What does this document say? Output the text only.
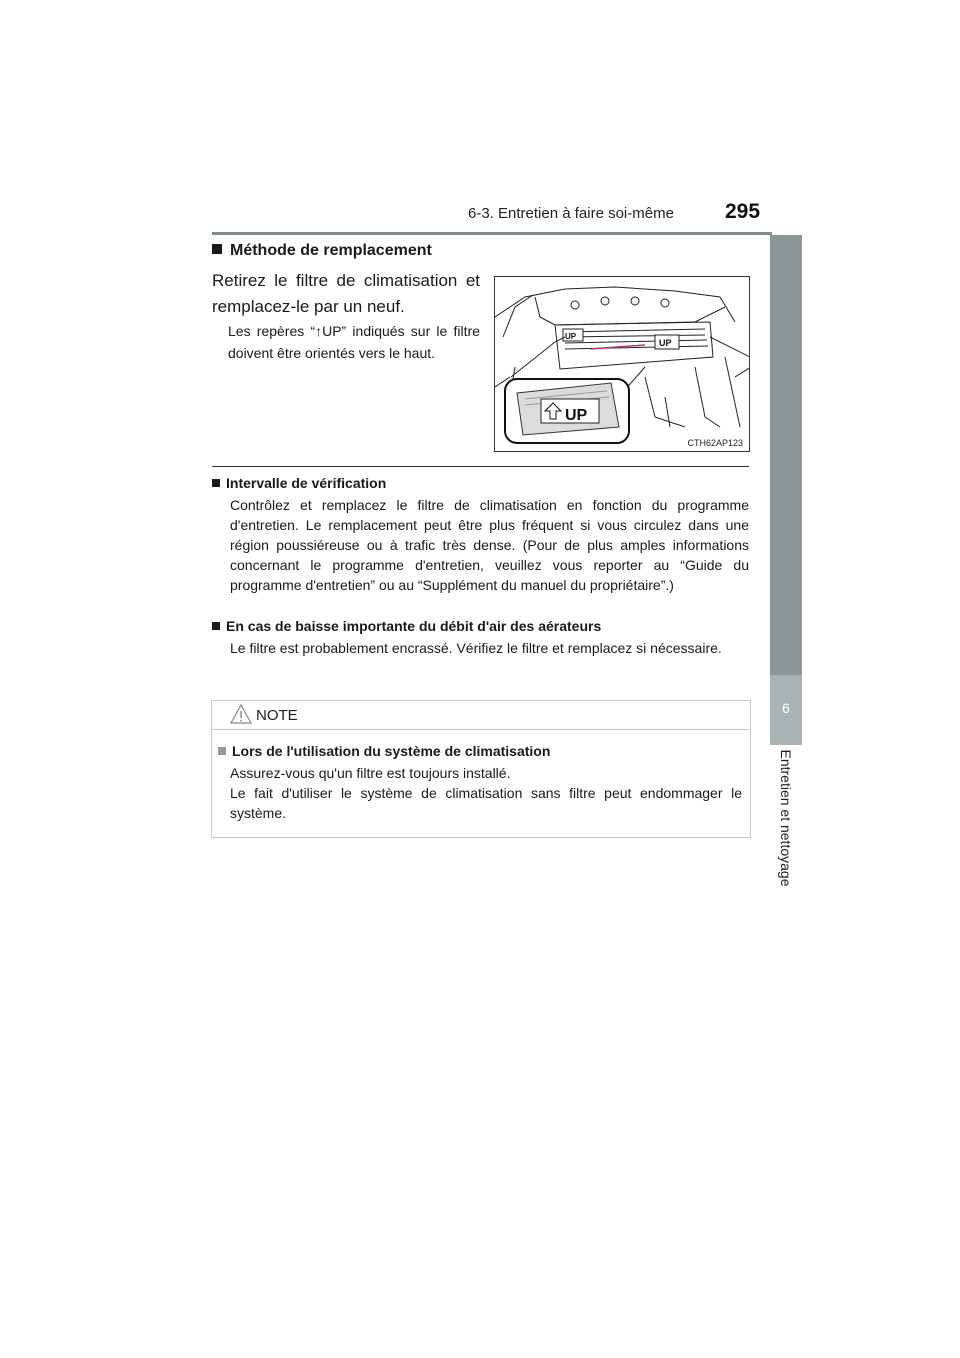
6-3. Entretien à faire soi-même 295
6
Entretien et nettoyage
Méthode de remplacement
Retirez le filtre de climatisation et remplacez-le par un neuf.
Les repères “↑UP” indiqués sur le filtre doivent être orientés vers le haut.
UP
UP
UP
CTH62AP123
Intervalle de vérification
Contrôlez et remplacez le filtre de climatisation en fonction du programme d'entretien. Le remplacement peut être plus fréquent si vous circulez dans une région poussiéreuse ou à trafic très dense. (Pour de plus amples informations concernant le programme d'entretien, veuillez vous reporter au “Guide du programme d'entretien” ou au “Supplément du manuel du propriétaire”.)
En cas de baisse importante du débit d'air des aérateurs
Le filtre est probablement encrassé. Vérifiez le filtre et remplacez si nécessaire.
NOTE
Lors de l'utilisation du système de climatisation
Assurez-vous qu'un filtre est toujours installé.
Le fait d'utiliser le système de climatisation sans filtre peut endommager le système.
